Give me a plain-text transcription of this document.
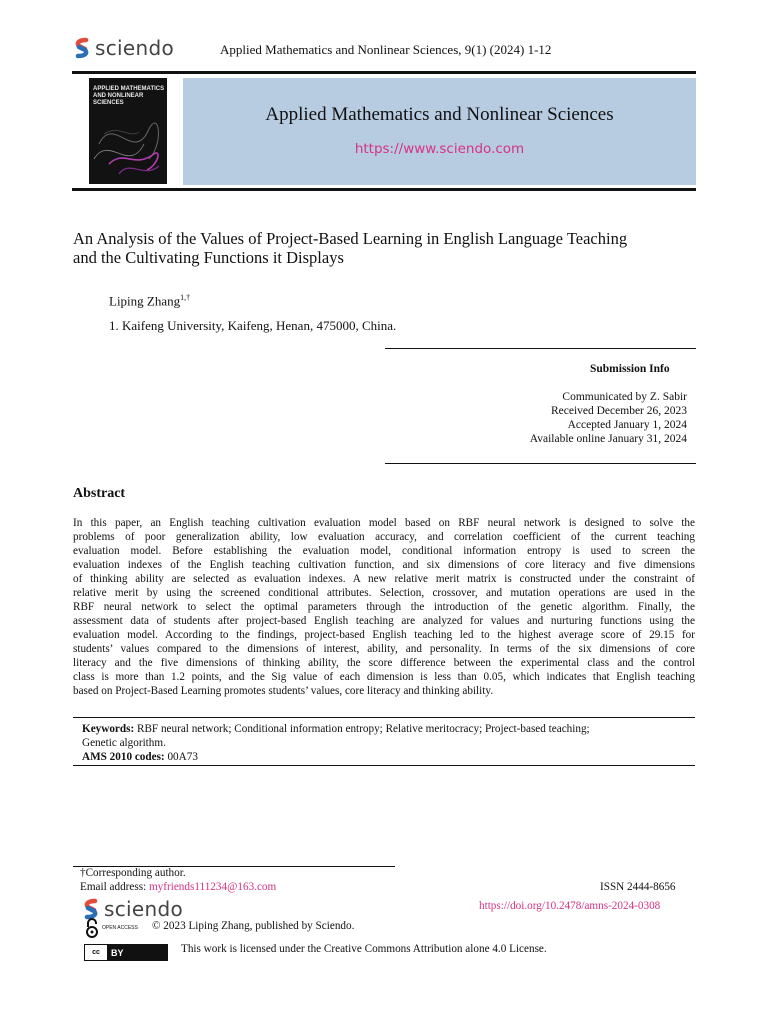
sciendo	Applied Mathematics and Nonlinear Sciences, 9(1) (2024) 1-12
APPLIED MATHEMATICS AND NONLINEAR SCIENCES
Applied Mathematics and Nonlinear Sciences
https://www.sciendo.com
An Analysis of the Values of Project-Based Learning in English Language Teaching
and the Cultivating Functions it Displays
Liping Zhang$^{1,\dagger}$
1. Kaifeng University, Kaifeng, Henan, 475000, China.
Submission Info
Communicated by Z. Sabir
Received December 26, 2023
Accepted January 1, 2024
Available online January 31, 2024
Abstract
In this paper, an English teaching cultivation evaluation model based on RBF neural network is designed to solve the
problems of poor generalization ability, low evaluation accuracy, and correlation coefficient of the current teaching
evaluation model. Before establishing the evaluation model, conditional information entropy is used to screen the
evaluation indexes of the English teaching cultivation function, and six dimensions of core literacy and five dimensions
of thinking ability are selected as evaluation indexes. A new relative merit matrix is constructed under the constraint of
relative merit by using the screened conditional attributes. Selection, crossover, and mutation operations are used in the
RBF neural network to select the optimal parameters through the introduction of the genetic algorithm. Finally, the
assessment data of students after project-based English teaching are analyzed for values and nurturing functions using the
evaluation model. According to the findings, project-based English teaching led to the highest average score of 29.15 for
students’ values compared to the dimensions of interest, ability, and personality. In terms of the six dimensions of core
literacy and the five dimensions of thinking ability, the score difference between the experimental class and the control
class is more than 1.2 points, and the Sig value of each dimension is less than 0.05, which indicates that English teaching
based on Project-Based Learning promotes students’ values, core literacy and thinking ability.
Keywords: RBF neural network; Conditional information entropy; Relative meritocracy; Project-based teaching;
Genetic algorithm.
AMS 2010 codes: 00A73
†Corresponding author.
Email address: myfriends111234@163.com	ISSN 2444-8656
sciendo	https://doi.org/10.2478/amns-2024-0308
OPEN ACCESS © 2023 Liping Zhang, published by Sciendo.
cc	BY	This work is licensed under the Creative Commons Attribution alone 4.0 License.
